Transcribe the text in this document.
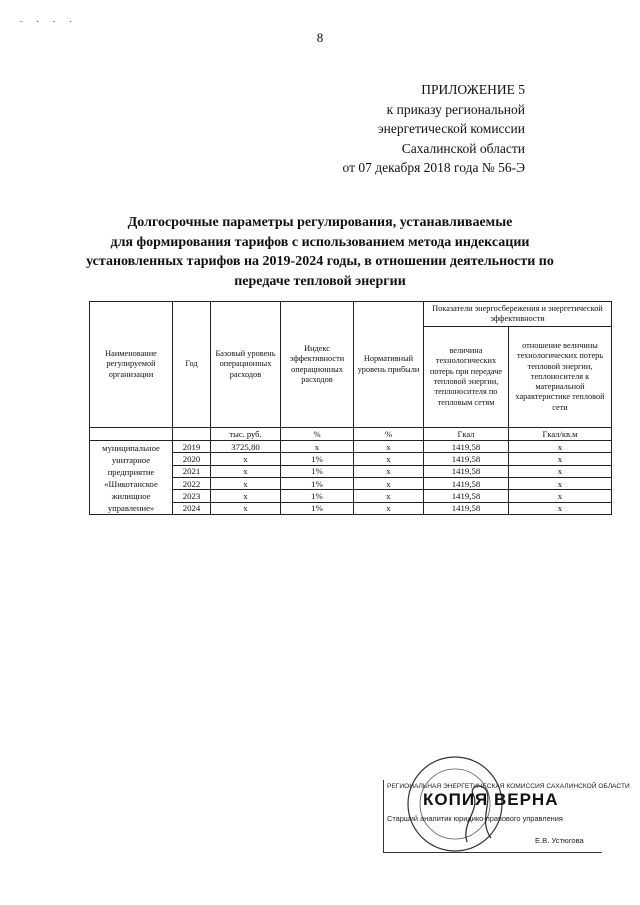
. . . .
8
ПРИЛОЖЕНИЕ 5
к приказу региональной
энергетической комиссии
Сахалинской области
от 07 декабря 2018 года № 56-Э
Долгосрочные параметры регулирования, устанавливаемые
для формирования тарифов с использованием метода индексации
установленных тарифов на 2019-2024 годы, в отношении деятельности по
передаче тепловой энергии
Наименование регулируемой организации	Год	Базовый уровень операционных расходов	Индекс эффективности операционных расходов	Нормативный уровень прибыли	Показатели энергосбережения и энергетической эффективности	
					величина технологических потерь при передаче тепловой энергии, теплоносителя по тепловым сетям	отношение величины технологических потерь тепловой энергии, теплоносителя к материальной характеристике тепловой сети
		тыс. руб.	%	%	Гкал	Гкал/кв.м
муниципальное унитарное предприятие «Шикотанское жилищное управление»	2019	3725,80	х	х	1419,58	х
	2020	х	1%	х	1419,58	х
	2021	х	1%	х	1419,58	х
	2022	х	1%	х	1419,58	х
	2023	х	1%	х	1419,58	х
	2024	х	1%	х	1419,58	х
РЕГИОНАЛЬНАЯ ЭНЕРГЕТИЧЕСКАЯ КОМИССИЯ САХАЛИНСКОЙ ОБЛАСТИ
КОПИЯ ВЕРНА
Старший аналитик юридико-правового управления
Е.В. Устюгова
